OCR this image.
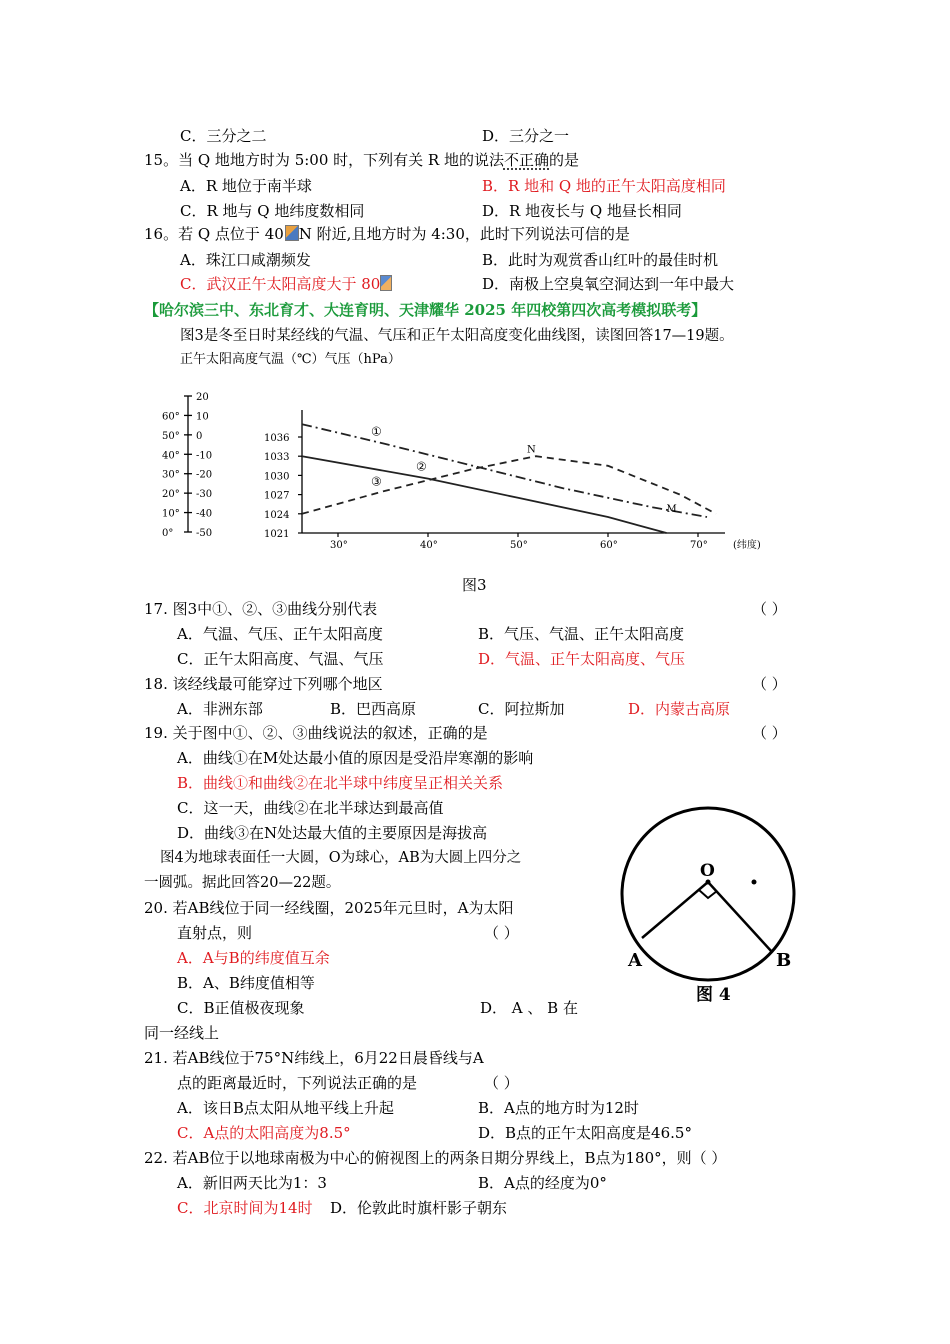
C．三分之二	D．三分之一
15。当 Q 地地方时为 5:00 时，下列有关 R 地的说法不正确的是
A．R 地位于南半球	B．R 地和 Q 地的正午太阳高度相同
C．R 地与 Q 地纬度数相同	D．R 地夜长与 Q 地昼长相同
16。若 Q 点位于 40 N 附近,且地方时为 4:30，此时下列说法可信的是
A．珠江口咸潮频发	B．此时为观赏香山红叶的最佳时机
C．武汉正午太阳高度大于 80	D．南极上空臭氧空洞达到一年中最大
【哈尔滨三中、东北育才、大连育明、天津耀华 2025 年四校第四次高考模拟联考】
图3是冬至日时某经线的气温、气压和正午太阳高度变化曲线图，读图回答17—19题。
正午太阳高度气温（℃）气压（hPa）
20
10
0
-10
-20
-30
-40
-50
60°
50°
40°
30°
20°
10°
0°
1036
1033
1030
1027
1024
1021
30°	40°	50°	60°	70°	(纬度)
①
②
③
N
M
图3
17. 图3中①、②、③曲线分别代表	（ ）
A．气温、气压、正午太阳高度	B．气压、气温、正午太阳高度
C．正午太阳高度、气温、气压	D．气温、正午太阳高度、气压
18. 该经线最可能穿过下列哪个地区	（ ）
A．非洲东部	B．巴西高原	C．阿拉斯加	D．内蒙古高原
19. 关于图中①、②、③曲线说法的叙述，正确的是	（ ）
A．曲线①在M处达最小值的原因是受沿岸寒潮的影响
B．曲线①和曲线②在北半球中纬度呈正相关关系
C．这一天，曲线②在北半球达到最高值
D．曲线③在N处达最大值的主要原因是海拔高
图4为地球表面任一大圆，O为球心，AB为大圆上四分之
一圆弧。据此回答20—22题。
O
A	B
图 4
20. 若AB线位于同一经线圈，2025年元旦时，A为太阳
直射点，则	（ ）
A．A与B的纬度值互余
B．A、B纬度值相等
C．B正值极夜现象	D． A 、 B 在
同一经线上
21. 若AB线位于75°N纬线上，6月22日晨昏线与A
点的距离最近时，下列说法正确的是	（ ）
A．该日B点太阳从地平线上升起	B．A点的地方时为12时
C．A点的太阳高度为8.5°	D．B点的正午太阳高度是46.5°
22. 若AB位于以地球南极为中心的俯视图上的两条日期分界线上，B点为180°，则（ ）
A．新旧两天比为1：3	B．A点的经度为0°
C．北京时间为14时 D．伦敦此时旗杆影子朝东
